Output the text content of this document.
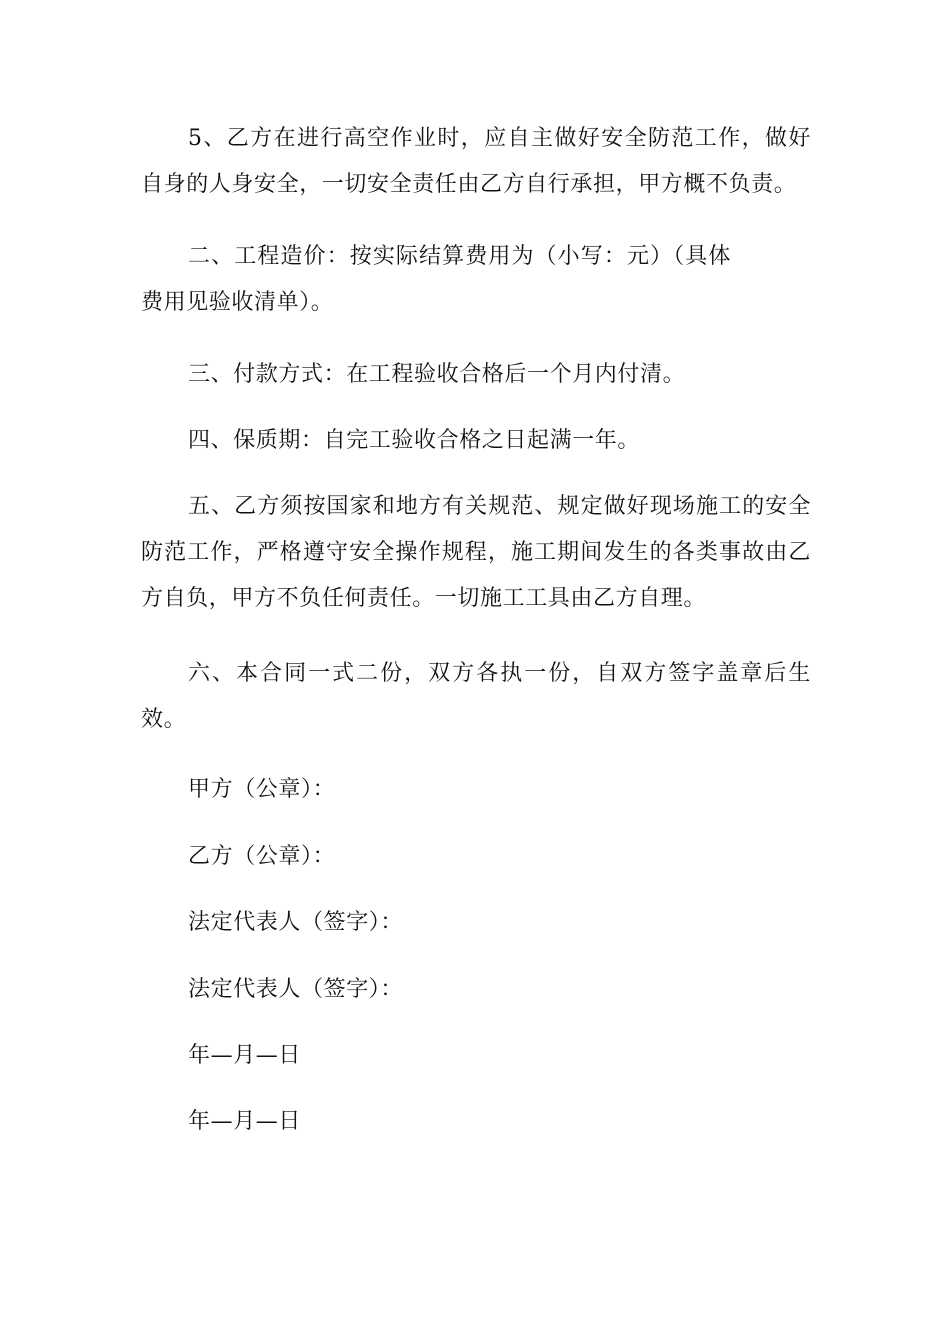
5、乙方在进行高空作业时，应自主做好安全防范工作，做好自身的人身安全，一切安全责任由乙方自行承担，甲方概不负责。

二、工程造价：按实际结算费用为（小写：元）（具体费用见验收清单）。

三、付款方式：在工程验收合格后一个月内付清。

四、保质期：自完工验收合格之日起满一年。

五、乙方须按国家和地方有关规范、规定做好现场施工的安全防范工作，严格遵守安全操作规程，施工期间发生的各类事故由乙方自负，甲方不负任何责任。一切施工工具由乙方自理。

六、本合同一式二份，双方各执一份，自双方签字盖章后生效。

甲方（公章）：

乙方（公章）：

法定代表人（签字）：

法定代表人（签字）：

年—月—日

年—月—日
